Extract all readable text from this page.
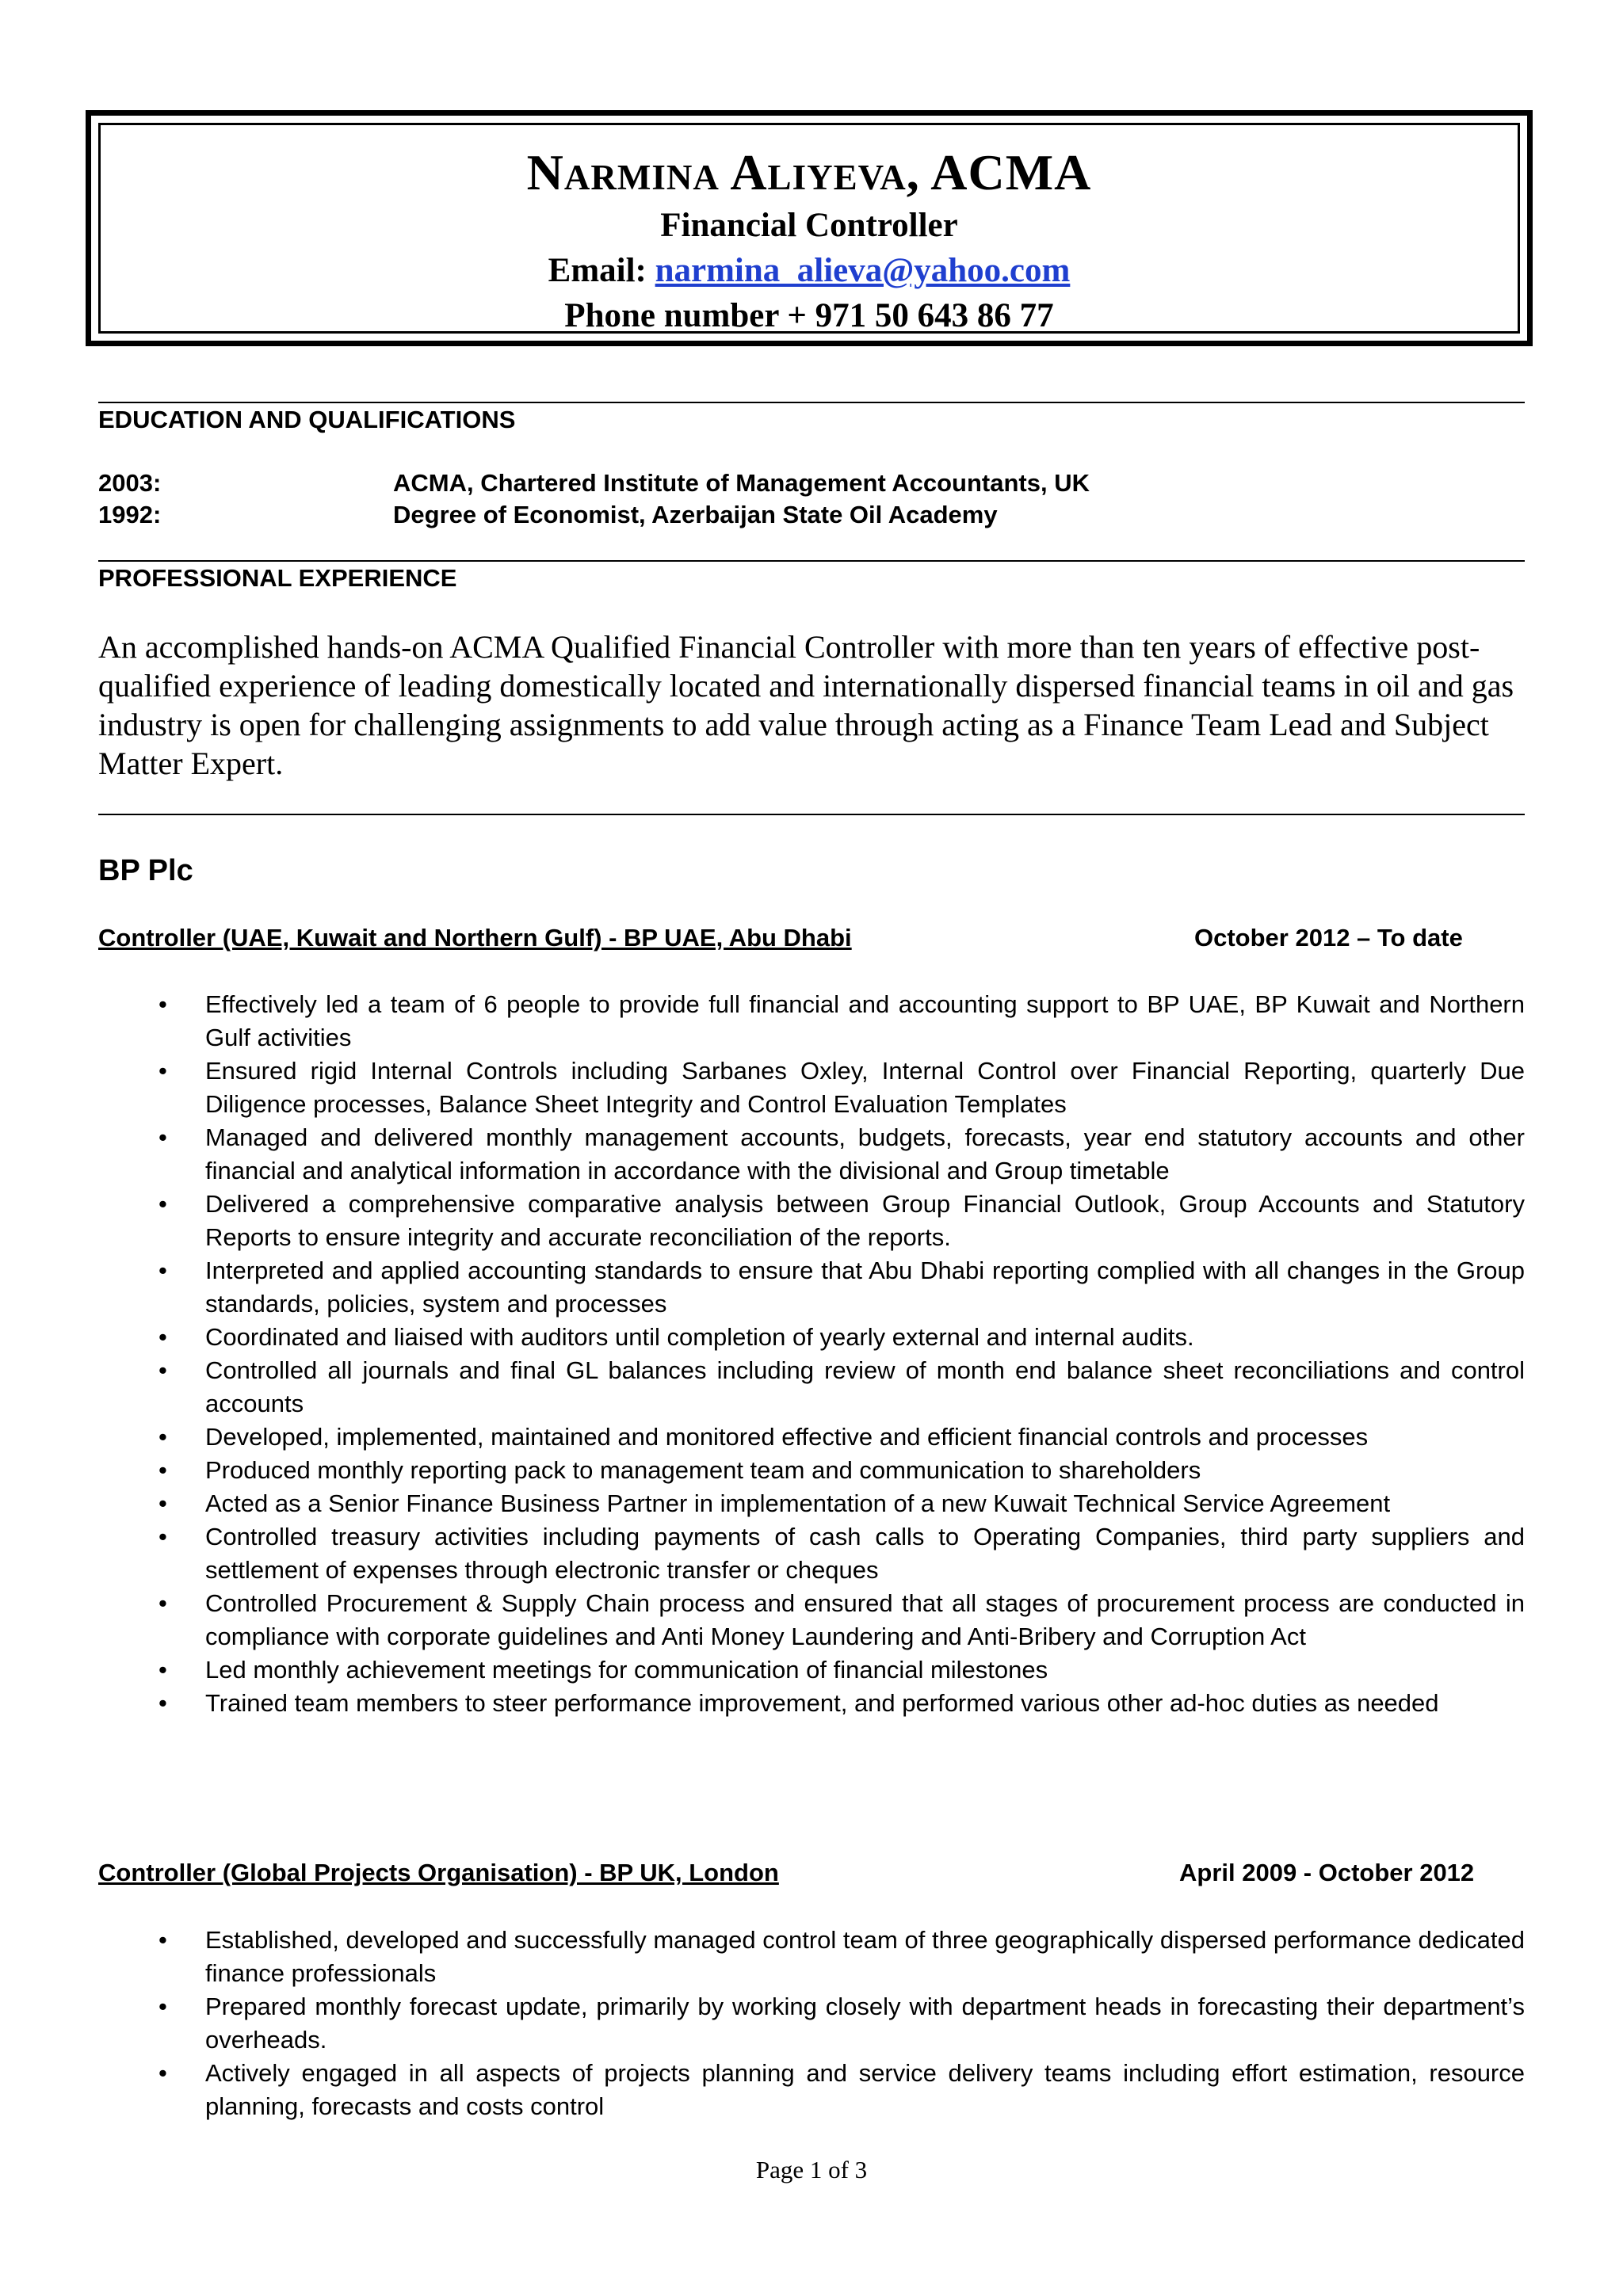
Narmina Aliyeva, ACMA
Financial Controller
Email: narmina_alieva@yahoo.com
Phone number + 971 50 643 86 77
EDUCATION AND QUALIFICATIONS
2003:	ACMA, Chartered Institute of Management Accountants, UK
1992:	Degree of Economist, Azerbaijan State Oil Academy
PROFESSIONAL EXPERIENCE
An accomplished hands-on ACMA Qualified Financial Controller with more than ten years of effective post-qualified experience of leading domestically located and internationally dispersed financial teams in oil and gas industry is open for challenging assignments to add value through acting as a Finance Team Lead and Subject Matter Expert.
BP Plc
Controller (UAE, Kuwait and Northern Gulf) - BP UAE, Abu Dhabi	October 2012 – To date
• Effectively led a team of 6 people to provide full financial and accounting support to BP UAE, BP Kuwait and Northern Gulf activities
• Ensured rigid Internal Controls including Sarbanes Oxley, Internal Control over Financial Reporting, quarterly Due Diligence processes, Balance Sheet Integrity and Control Evaluation Templates
• Managed and delivered monthly management accounts, budgets, forecasts, year end statutory accounts and other financial and analytical information in accordance with the divisional and Group timetable
• Delivered a comprehensive comparative analysis between Group Financial Outlook, Group Accounts and Statutory Reports to ensure integrity and accurate reconciliation of the reports.
• Interpreted and applied accounting standards to ensure that Abu Dhabi reporting complied with all changes in the Group standards, policies, system and processes
• Coordinated and liaised with auditors until completion of yearly external and internal audits.
• Controlled all journals and final GL balances including review of month end balance sheet reconciliations and control accounts
• Developed, implemented, maintained and monitored effective and efficient financial controls and processes
• Produced monthly reporting pack to management team and communication to shareholders
• Acted as a Senior Finance Business Partner in implementation of a new Kuwait Technical Service Agreement
• Controlled treasury activities including payments of cash calls to Operating Companies, third party suppliers and settlement of expenses through electronic transfer or cheques
• Controlled Procurement & Supply Chain process and ensured that all stages of procurement process are conducted in compliance with corporate guidelines and Anti Money Laundering and Anti-Bribery and Corruption Act
• Led monthly achievement meetings for communication of financial milestones
• Trained team members to steer performance improvement, and performed various other ad-hoc duties as needed
Controller (Global Projects Organisation) - BP UK, London	April 2009 - October 2012
• Established, developed and successfully managed control team of three geographically dispersed performance dedicated finance professionals
• Prepared monthly forecast update, primarily by working closely with department heads in forecasting their department’s overheads.
• Actively engaged in all aspects of projects planning and service delivery teams including effort estimation, resource planning, forecasts and costs control
Page 1 of 3
